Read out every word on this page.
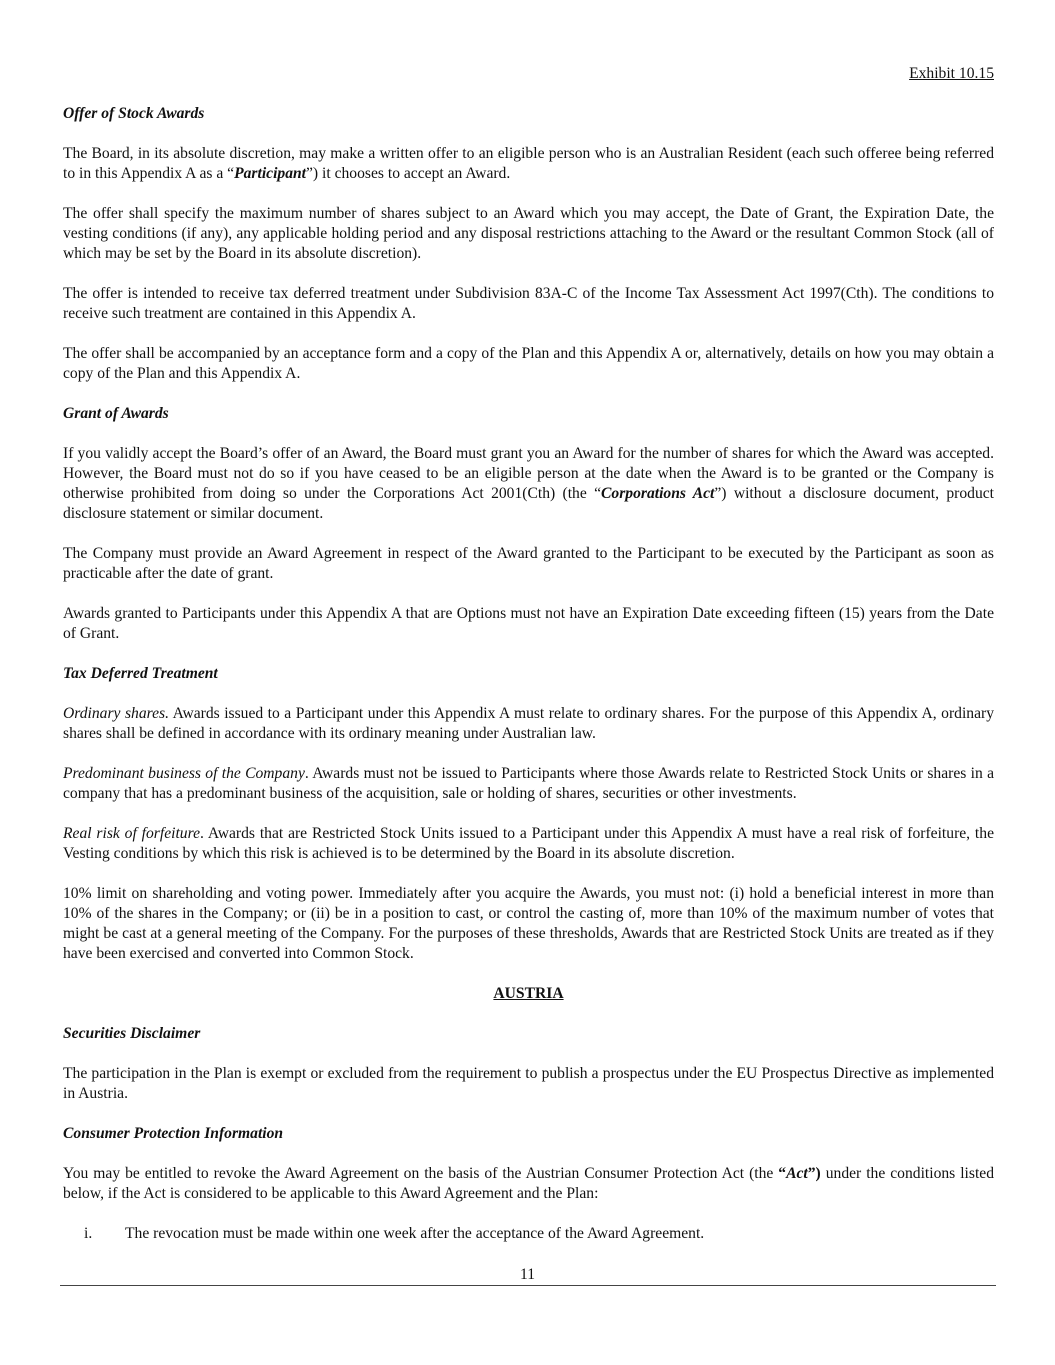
Exhibit 10.15
Offer of Stock Awards

The Board, in its absolute discretion, may make a written offer to an eligible person who is an Australian Resident (each such offeree being referred to in this Appendix A as a “Participant”) it chooses to accept an Award.

The offer shall specify the maximum number of shares subject to an Award which you may accept, the Date of Grant, the Expiration Date, the vesting conditions (if any), any applicable holding period and any disposal restrictions attaching to the Award or the resultant Common Stock (all of which may be set by the Board in its absolute discretion).

The offer is intended to receive tax deferred treatment under Subdivision 83A-C of the Income Tax Assessment Act 1997(Cth). The conditions to receive such treatment are contained in this Appendix A.

The offer shall be accompanied by an acceptance form and a copy of the Plan and this Appendix A or, alternatively, details on how you may obtain a copy of the Plan and this Appendix A.

Grant of Awards

If you validly accept the Board’s offer of an Award, the Board must grant you an Award for the number of shares for which the Award was accepted. However, the Board must not do so if you have ceased to be an eligible person at the date when the Award is to be granted or the Company is otherwise prohibited from doing so under the Corporations Act 2001(Cth) (the “Corporations Act”) without a disclosure document, product disclosure statement or similar document.

The Company must provide an Award Agreement in respect of the Award granted to the Participant to be executed by the Participant as soon as practicable after the date of grant.

Awards granted to Participants under this Appendix A that are Options must not have an Expiration Date exceeding fifteen (15) years from the Date of Grant.

Tax Deferred Treatment

Ordinary shares. Awards issued to a Participant under this Appendix A must relate to ordinary shares. For the purpose of this Appendix A, ordinary shares shall be defined in accordance with its ordinary meaning under Australian law.

Predominant business of the Company. Awards must not be issued to Participants where those Awards relate to Restricted Stock Units or shares in a company that has a predominant business of the acquisition, sale or holding of shares, securities or other investments.

Real risk of forfeiture. Awards that are Restricted Stock Units issued to a Participant under this Appendix A must have a real risk of forfeiture, the Vesting conditions by which this risk is achieved is to be determined by the Board in its absolute discretion.

10% limit on shareholding and voting power. Immediately after you acquire the Awards, you must not: (i) hold a beneficial interest in more than 10% of the shares in the Company; or (ii) be in a position to cast, or control the casting of, more than 10% of the maximum number of votes that might be cast at a general meeting of the Company. For the purposes of these thresholds, Awards that are Restricted Stock Units are treated as if they have been exercised and converted into Common Stock.

AUSTRIA
Securities Disclaimer

The participation in the Plan is exempt or excluded from the requirement to publish a prospectus under the EU Prospectus Directive as implemented in Austria.

Consumer Protection Information

You may be entitled to revoke the Award Agreement on the basis of the Austrian Consumer Protection Act (the “Act”) under the conditions listed below, if the Act is considered to be applicable to this Award Agreement and the Plan:

i. The revocation must be made within one week after the acceptance of the Award Agreement.
11
